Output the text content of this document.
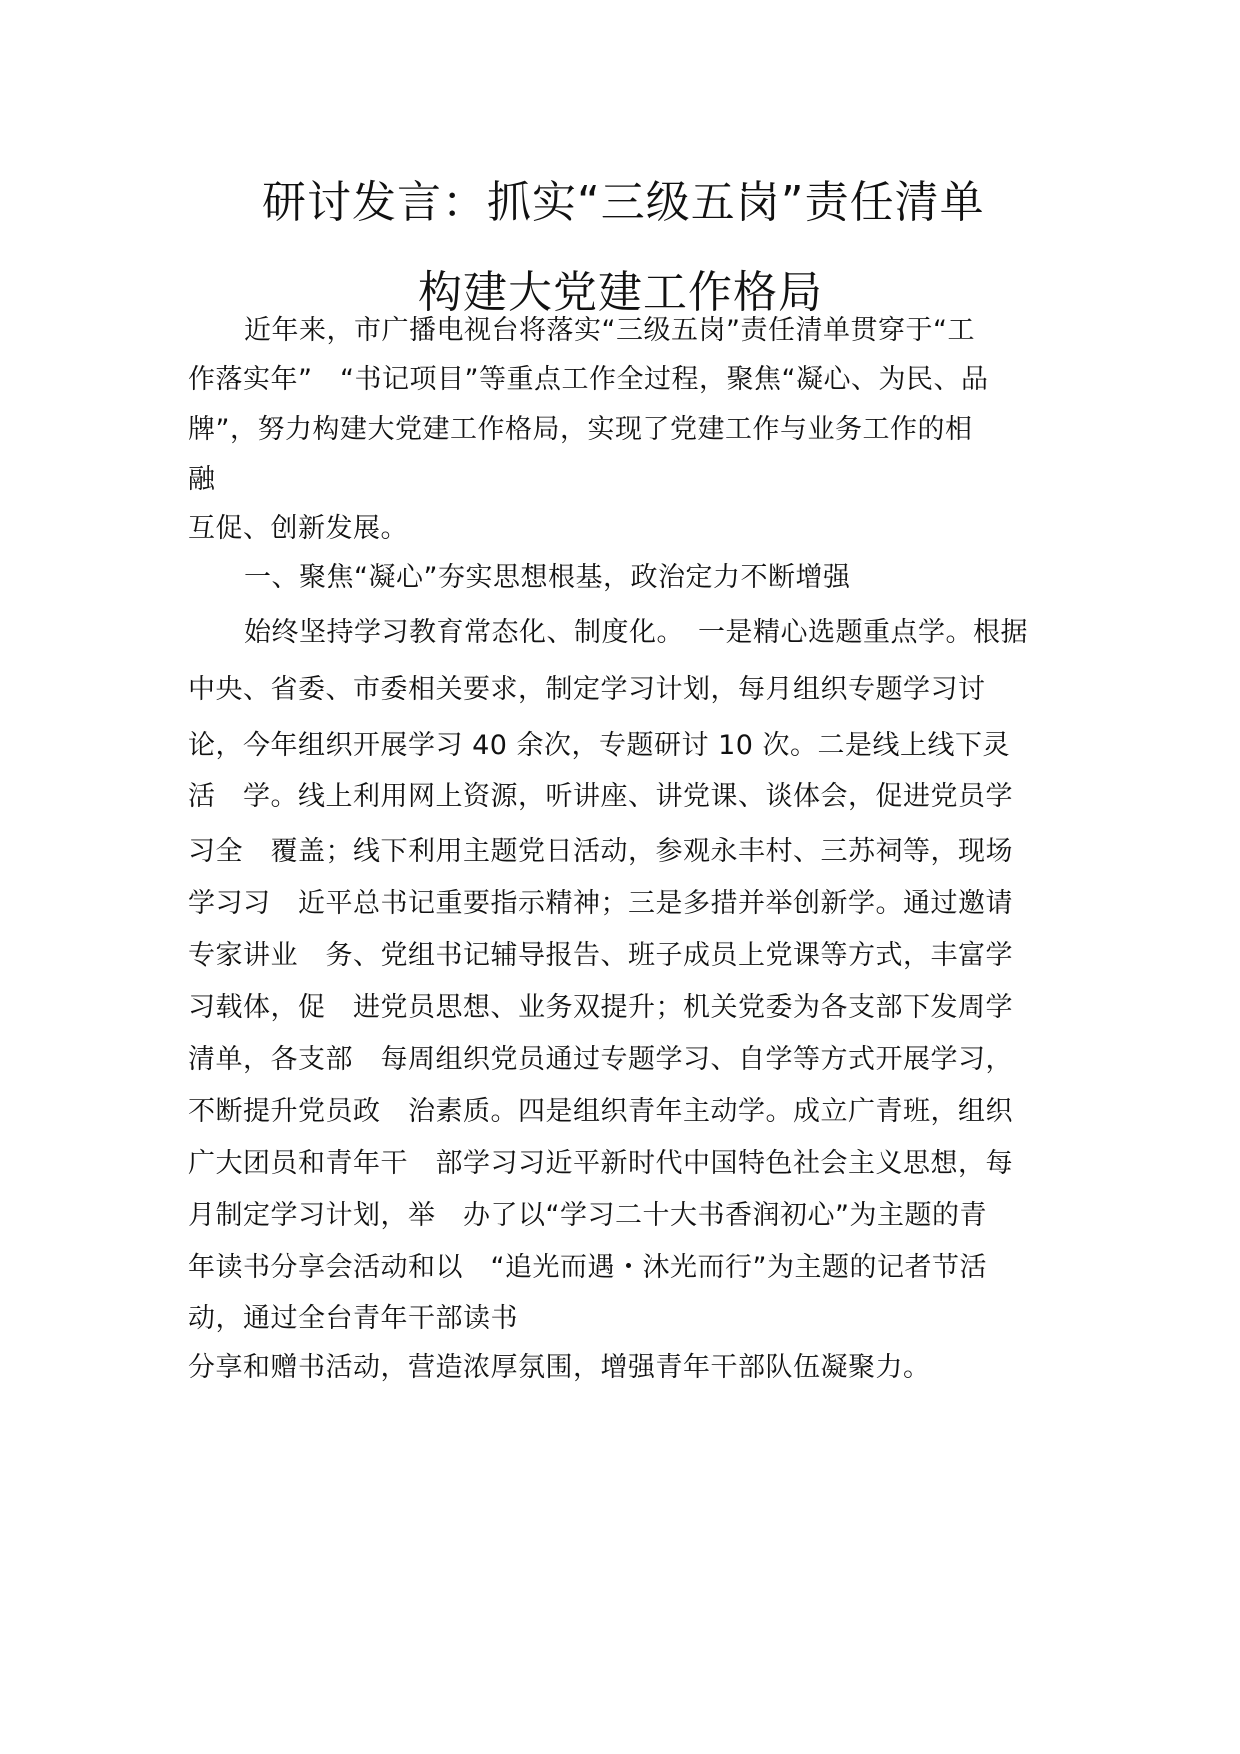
研讨发言：抓实“三级五岗”责任清单
构建大党建工作格局

近年来，市广播电视台将落实“三级五岗”责任清单贯穿于“工

作落实年”　“书记项目”等重点工作全过程，聚焦“凝心、为民、品

牌”，努力构建大党建工作格局，实现了党建工作与业务工作的相

融

互促、创新发展。

一、聚焦“凝心”夯实思想根基，政治定力不断增强

始终坚持学习教育常态化、制度化。　一是精心选题重点学。根据

中央、省委、市委相关要求，制定学习计划，每月组织专题学习讨

论，今年组织开展学习 40 余次，专题研讨 10 次。二是线上线下灵

活　学。线上利用网上资源，听讲座、讲党课、谈体会，促进党员学

习全　覆盖；线下利用主题党日活动，参观永丰村、三苏祠等，现场

学习习　近平总书记重要指示精神；三是多措并举创新学。通过邀请

专家讲业　务、党组书记辅导报告、班子成员上党课等方式，丰富学

习载体，促　进党员思想、业务双提升；机关党委为各支部下发周学

清单，各支部　每周组织党员通过专题学习、自学等方式开展学习，

不断提升党员政　治素质。四是组织青年主动学。成立广青班，组织

广大团员和青年干　部学习习近平新时代中国特色社会主义思想，每

月制定学习计划，举　办了以“学习二十大书香润初心”为主题的青

年读书分享会活动和以　“追光而遇・沐光而行”为主题的记者节活

动，通过全台青年干部读书

分享和赠书活动，营造浓厚氛围，增强青年干部队伍凝聚力。
